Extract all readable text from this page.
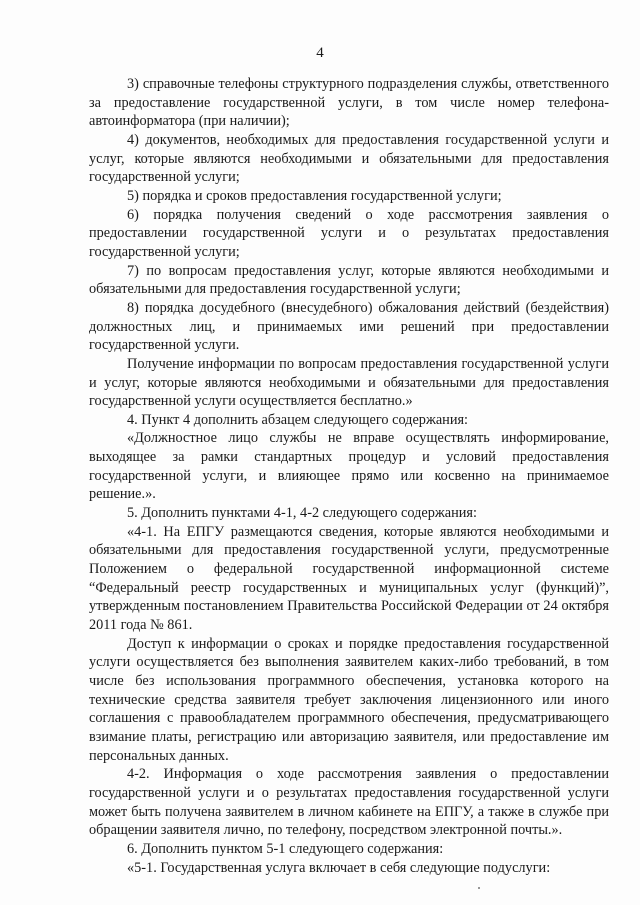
4

3) справочные телефоны структурного подразделения службы, ответственного за предоставление государственной услуги, в том числе номер телефона-автоинформатора (при наличии);

4) документов, необходимых для предоставления государственной услуги и услуг, которые являются необходимыми и обязательными для предоставления государственной услуги;

5) порядка и сроков предоставления государственной услуги;

6) порядка получения сведений о ходе рассмотрения заявления о предоставлении государственной услуги и о результатах предоставления государственной услуги;

7) по вопросам предоставления услуг, которые являются необходимыми и обязательными для предоставления государственной услуги;

8) порядка досудебного (внесудебного) обжалования действий (бездействия) должностных лиц, и принимаемых ими решений при предоставлении государственной услуги.

Получение информации по вопросам предоставления государственной услуги и услуг, которые являются необходимыми и обязательными для предоставления государственной услуги осуществляется бесплатно.»

4. Пункт 4 дополнить абзацем следующего содержания:

«Должностное лицо службы не вправе осуществлять информирование, выходящее за рамки стандартных процедур и условий предоставления государственной услуги, и влияющее прямо или косвенно на принимаемое решение.».

5. Дополнить пунктами 4-1, 4-2 следующего содержания:

«4-1. На ЕПГУ размещаются сведения, которые являются необходимыми и обязательными для предоставления государственной услуги, предусмотренные Положением о федеральной государственной информационной системе “Федеральный реестр государственных и муниципальных услуг (функций)”, утвержденным постановлением Правительства Российской Федерации от 24 октября 2011 года № 861.

Доступ к информации о сроках и порядке предоставления государственной услуги осуществляется без выполнения заявителем каких-либо требований, в том числе без использования программного обеспечения, установка которого на технические средства заявителя требует заключения лицензионного или иного соглашения с правообладателем программного обеспечения, предусматривающего взимание платы, регистрацию или авторизацию заявителя, или предоставление им персональных данных.

4-2. Информация о ходе рассмотрения заявления о предоставлении государственной услуги и о результатах предоставления государственной услуги может быть получена заявителем в личном кабинете на ЕПГУ, а также в службе при обращении заявителя лично, по телефону, посредством электронной почты.».

6. Дополнить пунктом 5-1 следующего содержания:

«5-1. Государственная услуга включает в себя следующие подуслуги:
